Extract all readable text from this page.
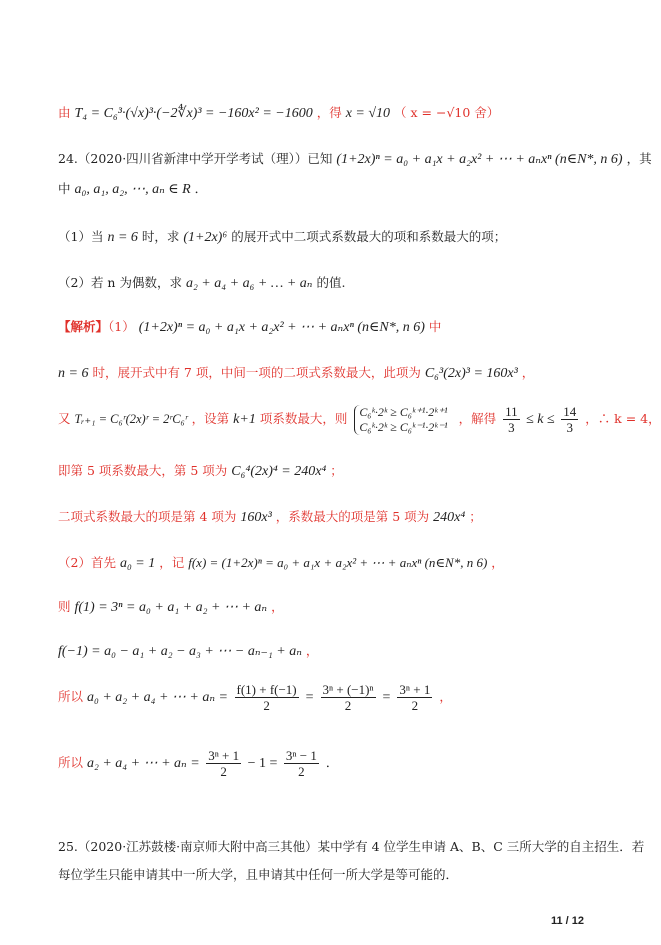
由 T₄ = C₆³·(√x)³·(−2∜x)³ = −160x² = −1600 ，得 x = √10 （ x = −√10 舍）
24.（2020·四川省新津中学开学考试（理））已知 (1+2x)ⁿ = a₀ + a₁x + a₂x² + ⋯ + aₙxⁿ (n∈N*, n 6) ，其
中 a₀, a₁, a₂, ⋯, aₙ ∈ R ．
（1）当 n = 6 时，求 (1+2x)⁶ 的展开式中二项式系数最大的项和系数最大的项；
（2）若 n 为偶数，求 a₂ + a₄ + a₆ + … + aₙ 的值.
【解析】（1） (1+2x)ⁿ = a₀ + a₁x + a₂x² + ⋯ + aₙxⁿ (n∈N*, n 6) 中
n = 6 时，展开式中有 7 项，中间一项的二项式系数最大，此项为 C₆³(2x)³ = 160x³ ，
又 Tᵣ₊₁ = C₆ʳ(2x)ʳ = 2ʳC₆ʳ ，设第 k+1 项系数最大，则 C₆ᵏ·2ᵏ ≥ C₆ᵏ⁺¹·2ᵏ⁺¹
C₆ᵏ·2ᵏ ≥ C₆ᵏ⁻¹·2ᵏ⁻¹
，解得 $\frac{11}{3} \le k \le \frac{14}{3}$ ，∴ k = 4，
即第 5 项系数最大，第 5 项为 C₆⁴(2x)⁴ = 240x⁴ ；
二项式系数最大的项是第 4 项为 160x³ ，系数最大的项是第 5 项为 240x⁴ ；
（2）首先 a₀ = 1 ，记 f(x) = (1+2x)ⁿ = a₀ + a₁x + a₂x² + ⋯ + aₙxⁿ (n∈N*, n 6) ，
则 f(1) = 3ⁿ = a₀ + a₁ + a₂ + ⋯ + aₙ ，
f(−1) = a₀ − a₁ + a₂ − a₃ + ⋯ − aₙ₋₁ + aₙ ，
所以 a₀ + a₂ + a₄ + ⋯ + $a_n = \frac{f(1) + f(-1)}{2} = \frac{\text{3ⁿ + (−1)ⁿ}}{2} = \frac{\text{3ⁿ + 1}}{2}$ ，
所以 a₂ + a₄ + ⋯ + $a_n = \frac{\text{3ⁿ + 1}}{2} - 1 = \frac{\text{3ⁿ − 1}}{2}$ ．
25.（2020·江苏鼓楼·南京师大附中高三其他）某中学有 4 位学生申请 A、B、C 三所大学的自主招生．若
每位学生只能申请其中一所大学，且申请其中任何一所大学是等可能的．
11 / 12
